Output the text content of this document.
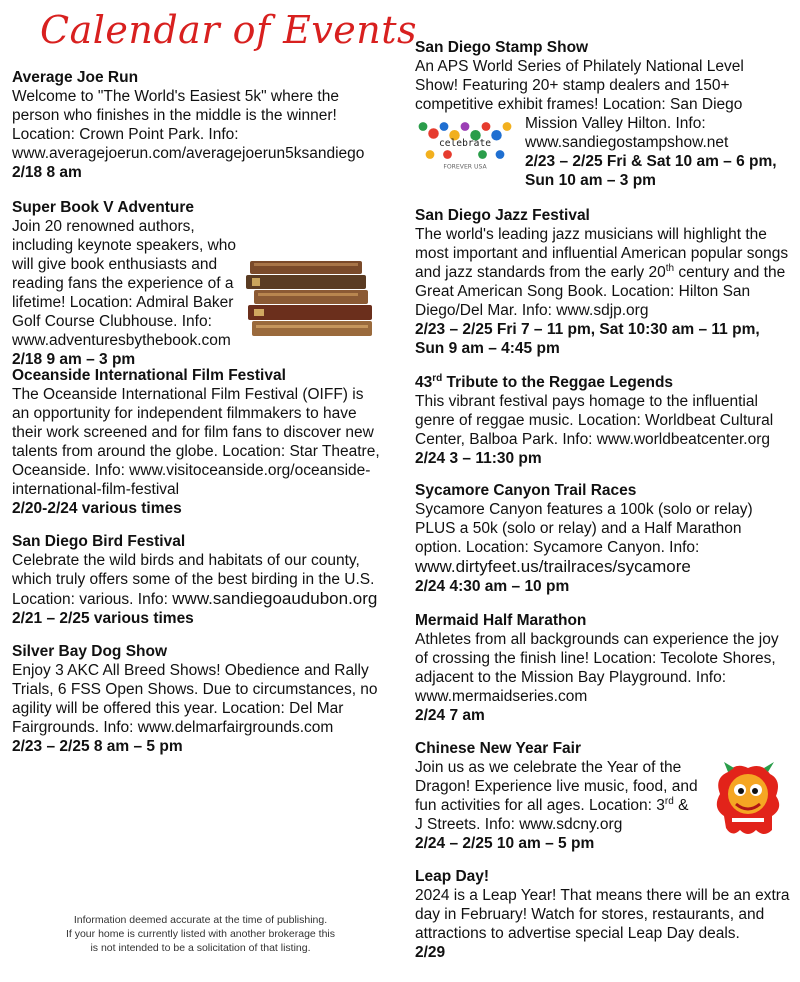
Calendar of Events

Average Joe Run

Welcome to "The World's Easiest 5k" where the person who finishes in the middle is the winner! Location: Crown Point Park. Info: www.averagejoerun.com/averagejoerun5ksandiego

2/18 8 am

Super Book V Adventure

Join 20 renowned authors, including keynote speakers, who will give book enthusiasts and reading fans the experience of a lifetime! Location: Admiral Baker Golf Course Clubhouse. Info: www.adventuresbythebook.com

2/18 9 am – 3 pm

Oceanside International Film Festival

The Oceanside International Film Festival (OIFF) is an opportunity for independent filmmakers to have their work screened and for film fans to discover new talents from around the globe. Location: Star Theatre, Oceanside. Info: www.visitoceanside.org/oceanside-international-film-festival

2/20-2/24 various times

San Diego Bird Festival

Celebrate the wild birds and habitats of our county, which truly offers some of the best birding in the U.S. Location: various. Info: www.sandiegoaudubon.org

2/21 – 2/25 various times

Silver Bay Dog Show

Enjoy 3 AKC All Breed Shows! Obedience and Rally Trials, 6 FSS Open Shows. Due to circumstances, no agility will be offered this year. Location: Del Mar Fairgrounds. Info: www.delmarfairgrounds.com

2/23 – 2/25 8 am – 5 pm

Information deemed accurate at the time of publishing.
If your home is currently listed with another brokerage this
is not intended to be a solicitation of that listing.

San Diego Stamp Show

An APS World Series of Philately National Level Show! Featuring 20+ stamp dealers and 150+ competitive exhibit frames! Location: San Diego

celebrate
FOREVER USA

Mission Valley Hilton. Info: www.sandiegostampshow.net

2/23 – 2/25 Fri & Sat 10 am – 6 pm,

Sun 10 am – 3 pm

San Diego Jazz Festival

The world's leading jazz musicians will highlight the most important and influential American popular songs and jazz standards from the early 20th century and the Great American Song Book. Location: Hilton San Diego/Del Mar. Info: www.sdjp.org

2/23 – 2/25 Fri 7 – 11 pm, Sat 10:30 am – 11 pm, Sun 9 am – 4:45 pm

43rd Tribute to the Reggae Legends

This vibrant festival pays homage to the influential genre of reggae music. Location: Worldbeat Cultural Center, Balboa Park. Info: www.worldbeatcenter.org

2/24 3 – 11:30 pm

Sycamore Canyon Trail Races

Sycamore Canyon features a 100k (solo or relay) PLUS a 50k (solo or relay) and a Half Marathon option. Location: Sycamore Canyon. Info: www.dirtyfeet.us/trailraces/sycamore

2/24 4:30 am – 10 pm

Mermaid Half Marathon

Athletes from all backgrounds can experience the joy of crossing the finish line! Location: Tecolote Shores, adjacent to the Mission Bay Playground. Info: www.mermaidseries.com

2/24 7 am

Chinese New Year Fair

Join us as we celebrate the Year of the Dragon! Experience live music, food, and fun activities for all ages. Location: 3rd & J Streets. Info: www.sdcny.org

2/24 – 2/25 10 am – 5 pm

Leap Day!

2024 is a Leap Year! That means there will be an extra day in February! Watch for stores, restaurants, and attractions to advertise special Leap Day deals.

2/29
